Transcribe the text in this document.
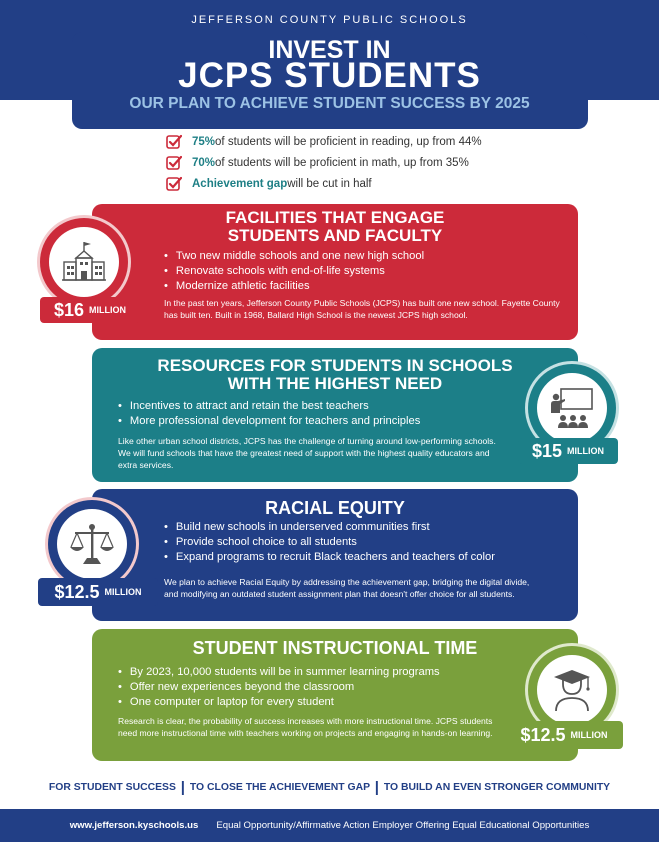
JEFFERSON COUNTY PUBLIC SCHOOLS
INVEST IN
JCPS STUDENTS
OUR PLAN TO ACHIEVE STUDENT SUCCESS BY 2025
75% of students will be proficient in reading, up from 44%
70% of students will be proficient in math, up from 35%
Achievement gap will be cut in half
FACILITIES THAT ENGAGE
STUDENTS AND FACULTY
• Two new middle schools and one new high school
• Renovate schools with end-of-life systems
• Modernize athletic facilities
In the past ten years, Jefferson County Public Schools (JCPS) has built one new school. Fayette County has built ten. Built in 1968, Ballard High School is the newest JCPS high school.
$16 MILLION
RESOURCES FOR STUDENTS IN SCHOOLS
WITH THE HIGHEST NEED
• Incentives to attract and retain the best teachers
• More professional development for teachers and principles
Like other urban school districts, JCPS has the challenge of turning around low-performing schools. We will fund schools that have the greatest need of support with the highest quality educators and extra services.
$15 MILLION
RACIAL EQUITY
• Build new schools in underserved communities first
• Provide school choice to all students
• Expand programs to recruit Black teachers and teachers of color
We plan to achieve Racial Equity by addressing the achievement gap, bridging the digital divide, and modifying an outdated student assignment plan that doesn't offer choice for all students.
$12.5 MILLION
STUDENT INSTRUCTIONAL TIME
• By 2023, 10,000 students will be in summer learning programs
• Offer new experiences beyond the classroom
• One computer or laptop for every student
Research is clear, the probability of success increases with more instructional time. JCPS students need more instructional time with teachers working on projects and engaging in hands-on learning.	$12.5 MILLION
FOR STUDENT SUCCESS | TO CLOSE THE ACHIEVEMENT GAP | TO BUILD AN EVEN STRONGER COMMUNITY
www.jefferson.kyschools.us Equal Opportunity/Affirmative Action Employer Offering Equal Educational Opportunities
